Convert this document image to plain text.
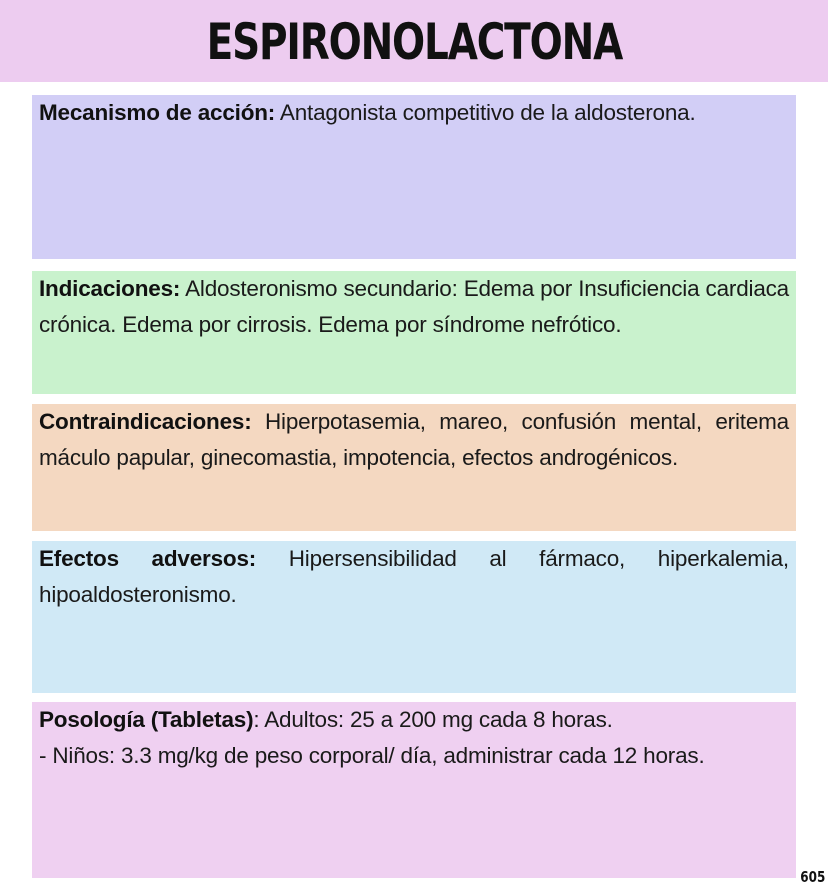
ESPIRONOLACTONA
Mecanismo de acción: Antagonista competitivo de la aldosterona.
Indicaciones: Aldosteronismo secundario: Edema por Insuficiencia cardiaca crónica. Edema por cirrosis. Edema por síndrome nefrótico.
Contraindicaciones: Hiperpotasemia, mareo, confusión mental, eritema máculo papular, ginecomastia, impotencia, efectos androgénicos.
Efectos adversos: Hipersensibilidad al fármaco, hiperkalemia, hipoaldosteronismo.
Posología (Tabletas): Adultos: 25 a 200 mg cada 8 horas.
- Niños: 3.3 mg/kg de peso corporal/ día, administrar cada 12 horas.
605
